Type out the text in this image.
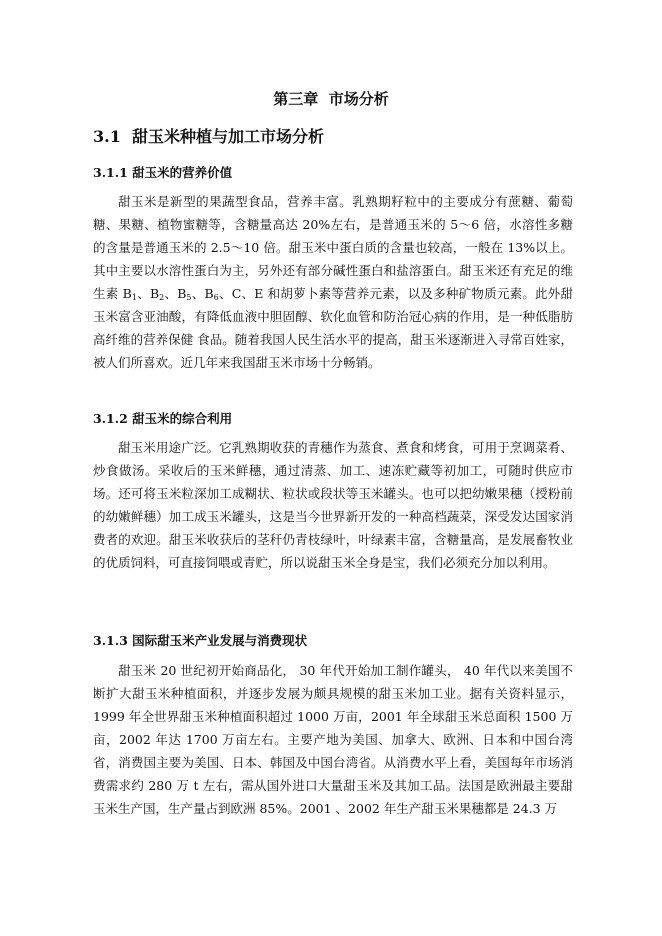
第三章  市场分析
3.1  甜玉米种植与加工市场分析
3.1.1 甜玉米的营养价值
甜玉米是新型的果蔬型食品，营养丰富。乳熟期籽粒中的主要成分有蔗糖、葡萄糖、果糖、植物蜜糖等，含糖量高达 20%左右，是普通玉米的 5～6 倍，水溶性多糖的含量是普通玉米的 2.5～10 倍。甜玉米中蛋白质的含量也较高，一般在 13%以上。其中主要以水溶性蛋白为主，另外还有部分碱性蛋白和盐溶蛋白。甜玉米还有充足的维生素 $B_1$、$B_2$、$B_5$、$B_6$、C、E 和胡萝卜素等营养元素，以及多种矿物质元素。此外甜玉米富含亚油酸，有降低血液中胆固醇、软化血管和防治冠心病的作用，是一种低脂肪高纤维的营养保健 食品。随着我国人民生活水平的提高，甜玉米逐渐进入寻常百姓家，被人们所喜欢。近几年来我国甜玉米市场十分畅销。
3.1.2 甜玉米的综合利用
甜玉米用途广泛。它乳熟期收获的青穗作为蒸食、煮食和烤食，可用于烹调菜肴、炒食做汤。采收后的玉米鲜穗，通过清蒸、加工、速冻贮藏等初加工，可随时供应市场。还可将玉米粒深加工成糊状、粒状或段状等玉米罐头。也可以把幼嫩果穗（授粉前的幼嫩鲜穗）加工成玉米罐头，这是当今世界新开发的一种高档蔬菜，深受发达国家消费者的欢迎。甜玉米收获后的茎秆仍青枝绿叶，叶绿素丰富，含糖量高，是发展畜牧业的优质饲料，可直接饲喂或青贮，所以说甜玉米全身是宝，我们必须充分加以利用。
3.1.3 国际甜玉米产业发展与消费现状
甜玉米 20 世纪初开始商品化， 30 年代开始加工制作罐头， 40 年代以来美国不断扩大甜玉米种植面积，并逐步发展为颇具规模的甜玉米加工业。据有关资料显示，1999 年全世界甜玉米种植面积超过 1000 万亩，2001 年全球甜玉米总面积 1500 万亩，2002 年达 1700 万亩左右。主要产地为美国、加拿大、欧洲、日本和中国台湾省，消费国主要为美国、日本、韩国及中国台湾省。从消费水平上看，美国每年市场消费需求约 280 万 t 左右，需从国外进口大量甜玉米及其加工品。法国是欧洲最主要甜玉米生产国，生产量占到欧洲 85%。2001 、2002 年生产甜玉米果穗都是 24.3 万
